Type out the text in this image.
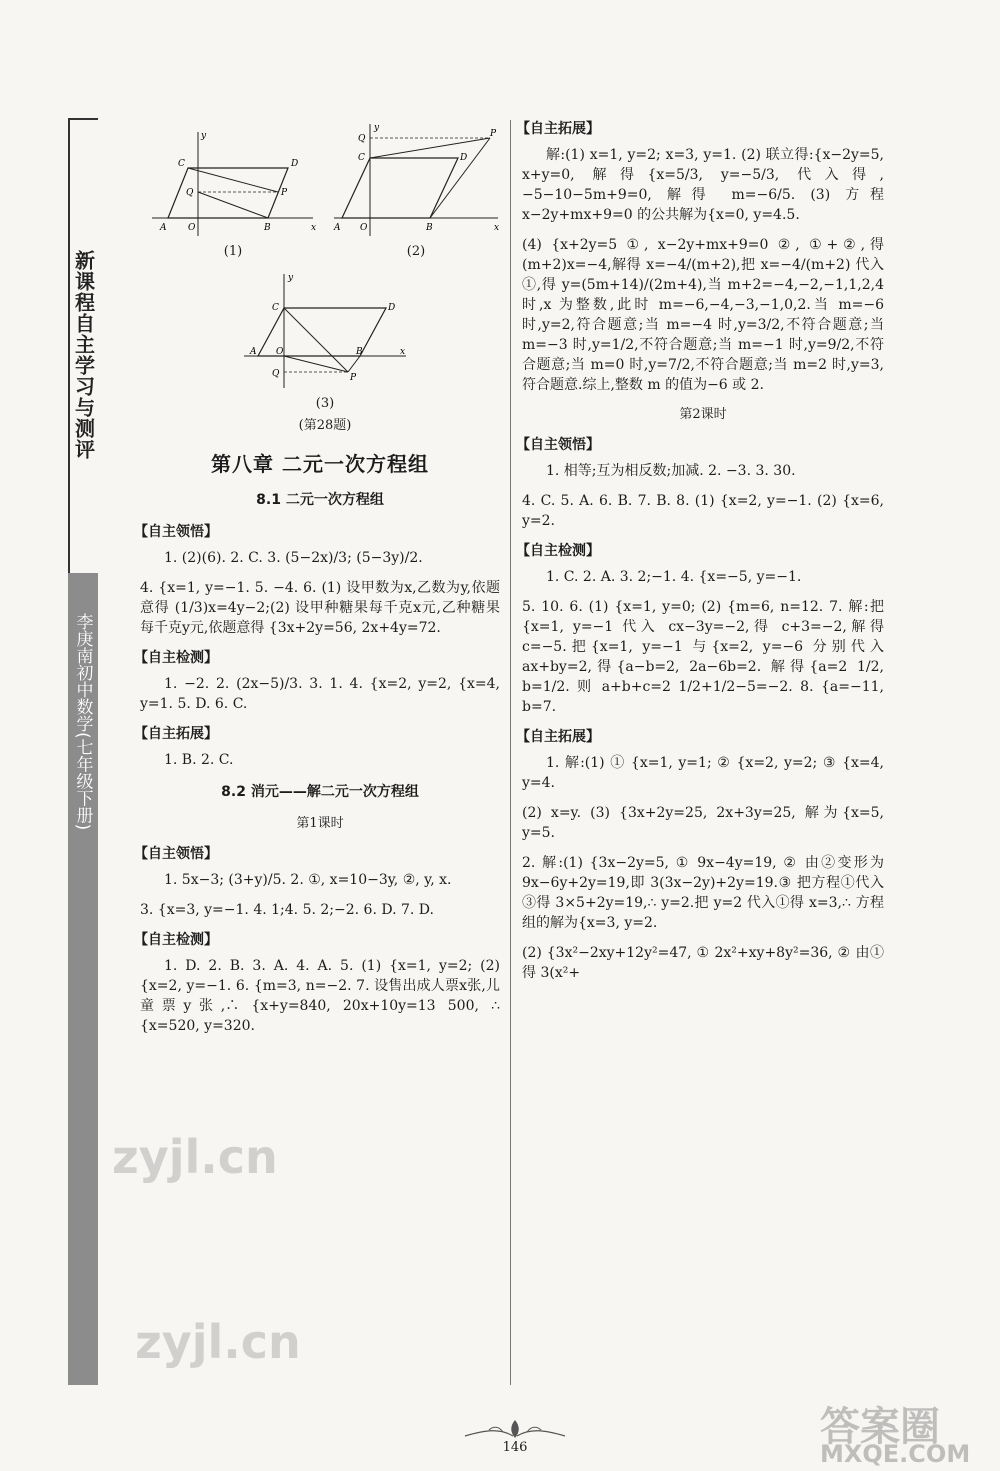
新课程自主学习与测评
李庚南初中数学(七年级下册)
A O	B
C	D
Q	P
x
y
(1)
A O	B
C	D
Q	P
x
y
(2)
A O	B
C	D
Q	P
x
y
(3)
(第28题)
第八章 二元一次方程组
8.1 二元一次方程组
【自主领悟】
1. (2)(6). 2. C. 3. (5−2x)/3; (5−3y)/2.
4. {x=1, y=−1. 5. −4. 6. (1) 设甲数为x,乙数为y,依题意得 (1/3)x=4y−2;(2) 设甲种糖果每千克x元,乙种糖果每千克y元,依题意得 {3x+2y=56, 2x+4y=72.
【自主检测】
1. −2. 2. (2x−5)/3. 3. 1. 4. {x=2, y=2, {x=4, y=1. 5. D. 6. C.
【自主拓展】
1. B. 2. C.
8.2 消元——解二元一次方程组
第1课时
【自主领悟】
1. 5x−3; (3+y)/5. 2. ①, x=10−3y, ②, y, x.
3. {x=3, y=−1. 4. 1;4. 5. 2;−2. 6. D. 7. D.
【自主检测】
1. D. 2. B. 3. A. 4. A. 5. (1) {x=1, y=2; (2) {x=2, y=−1. 6. {m=3, n=−2. 7. 设售出成人票x张,儿童票y张,∴ {x+y=840, 20x+10y=13 500, ∴ {x=520, y=320.
【自主拓展】
解:(1) x=1, y=2; x=3, y=1. (2) 联立得:{x−2y=5, x+y=0, 解得{x=5/3, y=−5/3, 代入得, −5−10−5m+9=0, 解得 m=−6/5. (3) 方程 x−2y+mx+9=0 的公共解为{x=0, y=4.5.
(4) {x+2y=5 ①, x−2y+mx+9=0 ②, ①+②,得(m+2)x=−4,解得 x=−4/(m+2),把 x=−4/(m+2) 代入①,得 y=(5m+14)/(2m+4),当 m+2=−4,−2,−1,1,2,4 时,x 为整数,此时 m=−6,−4,−3,−1,0,2.当 m=−6时,y=2,符合题意;当 m=−4 时,y=3/2,不符合题意;当 m=−3 时,y=1/2,不符合题意;当 m=−1 时,y=9/2,不符合题意;当 m=0 时,y=7/2,不符合题意;当 m=2 时,y=3,符合题意.综上,整数 m 的值为−6 或 2.
第2课时
【自主领悟】
1. 相等;互为相反数;加减. 2. −3. 3. 30.
4. C. 5. A. 6. B. 7. B. 8. (1) {x=2, y=−1. (2) {x=6, y=2.
【自主检测】
1. C. 2. A. 3. 2;−1. 4. {x=−5, y=−1.
5. 10. 6. (1) {x=1, y=0; (2) {m=6, n=12. 7. 解:把{x=1, y=−1 代入 cx−3y=−2,得 c+3=−2,解得 c=−5.把{x=1, y=−1 与{x=2, y=−6 分别代入 ax+by=2,得{a−b=2, 2a−6b=2. 解得{a=2 1/2, b=1/2. 则 a+b+c=2 1/2+1/2−5=−2. 8. {a=−11, b=7.
【自主拓展】
1. 解:(1) ① {x=1, y=1; ② {x=2, y=2; ③ {x=4, y=4.
(2) x=y. (3) {3x+2y=25, 2x+3y=25, 解为{x=5, y=5.
2. 解:(1) {3x−2y=5, ① 9x−4y=19, ② 由②变形为 9x−6y+2y=19,即 3(3x−2y)+2y=19.③ 把方程①代入③得 3×5+2y=19,∴ y=2.把 y=2 代入①得 x=3,∴ 方程组的解为{x=3, y=2.
(2) {3x²−2xy+12y²=47, ① 2x²+xy+8y²=36, ② 由①得 3(x²+
146
zyjl.cn
zyjl.cn
答案圈
MXQE.COM
